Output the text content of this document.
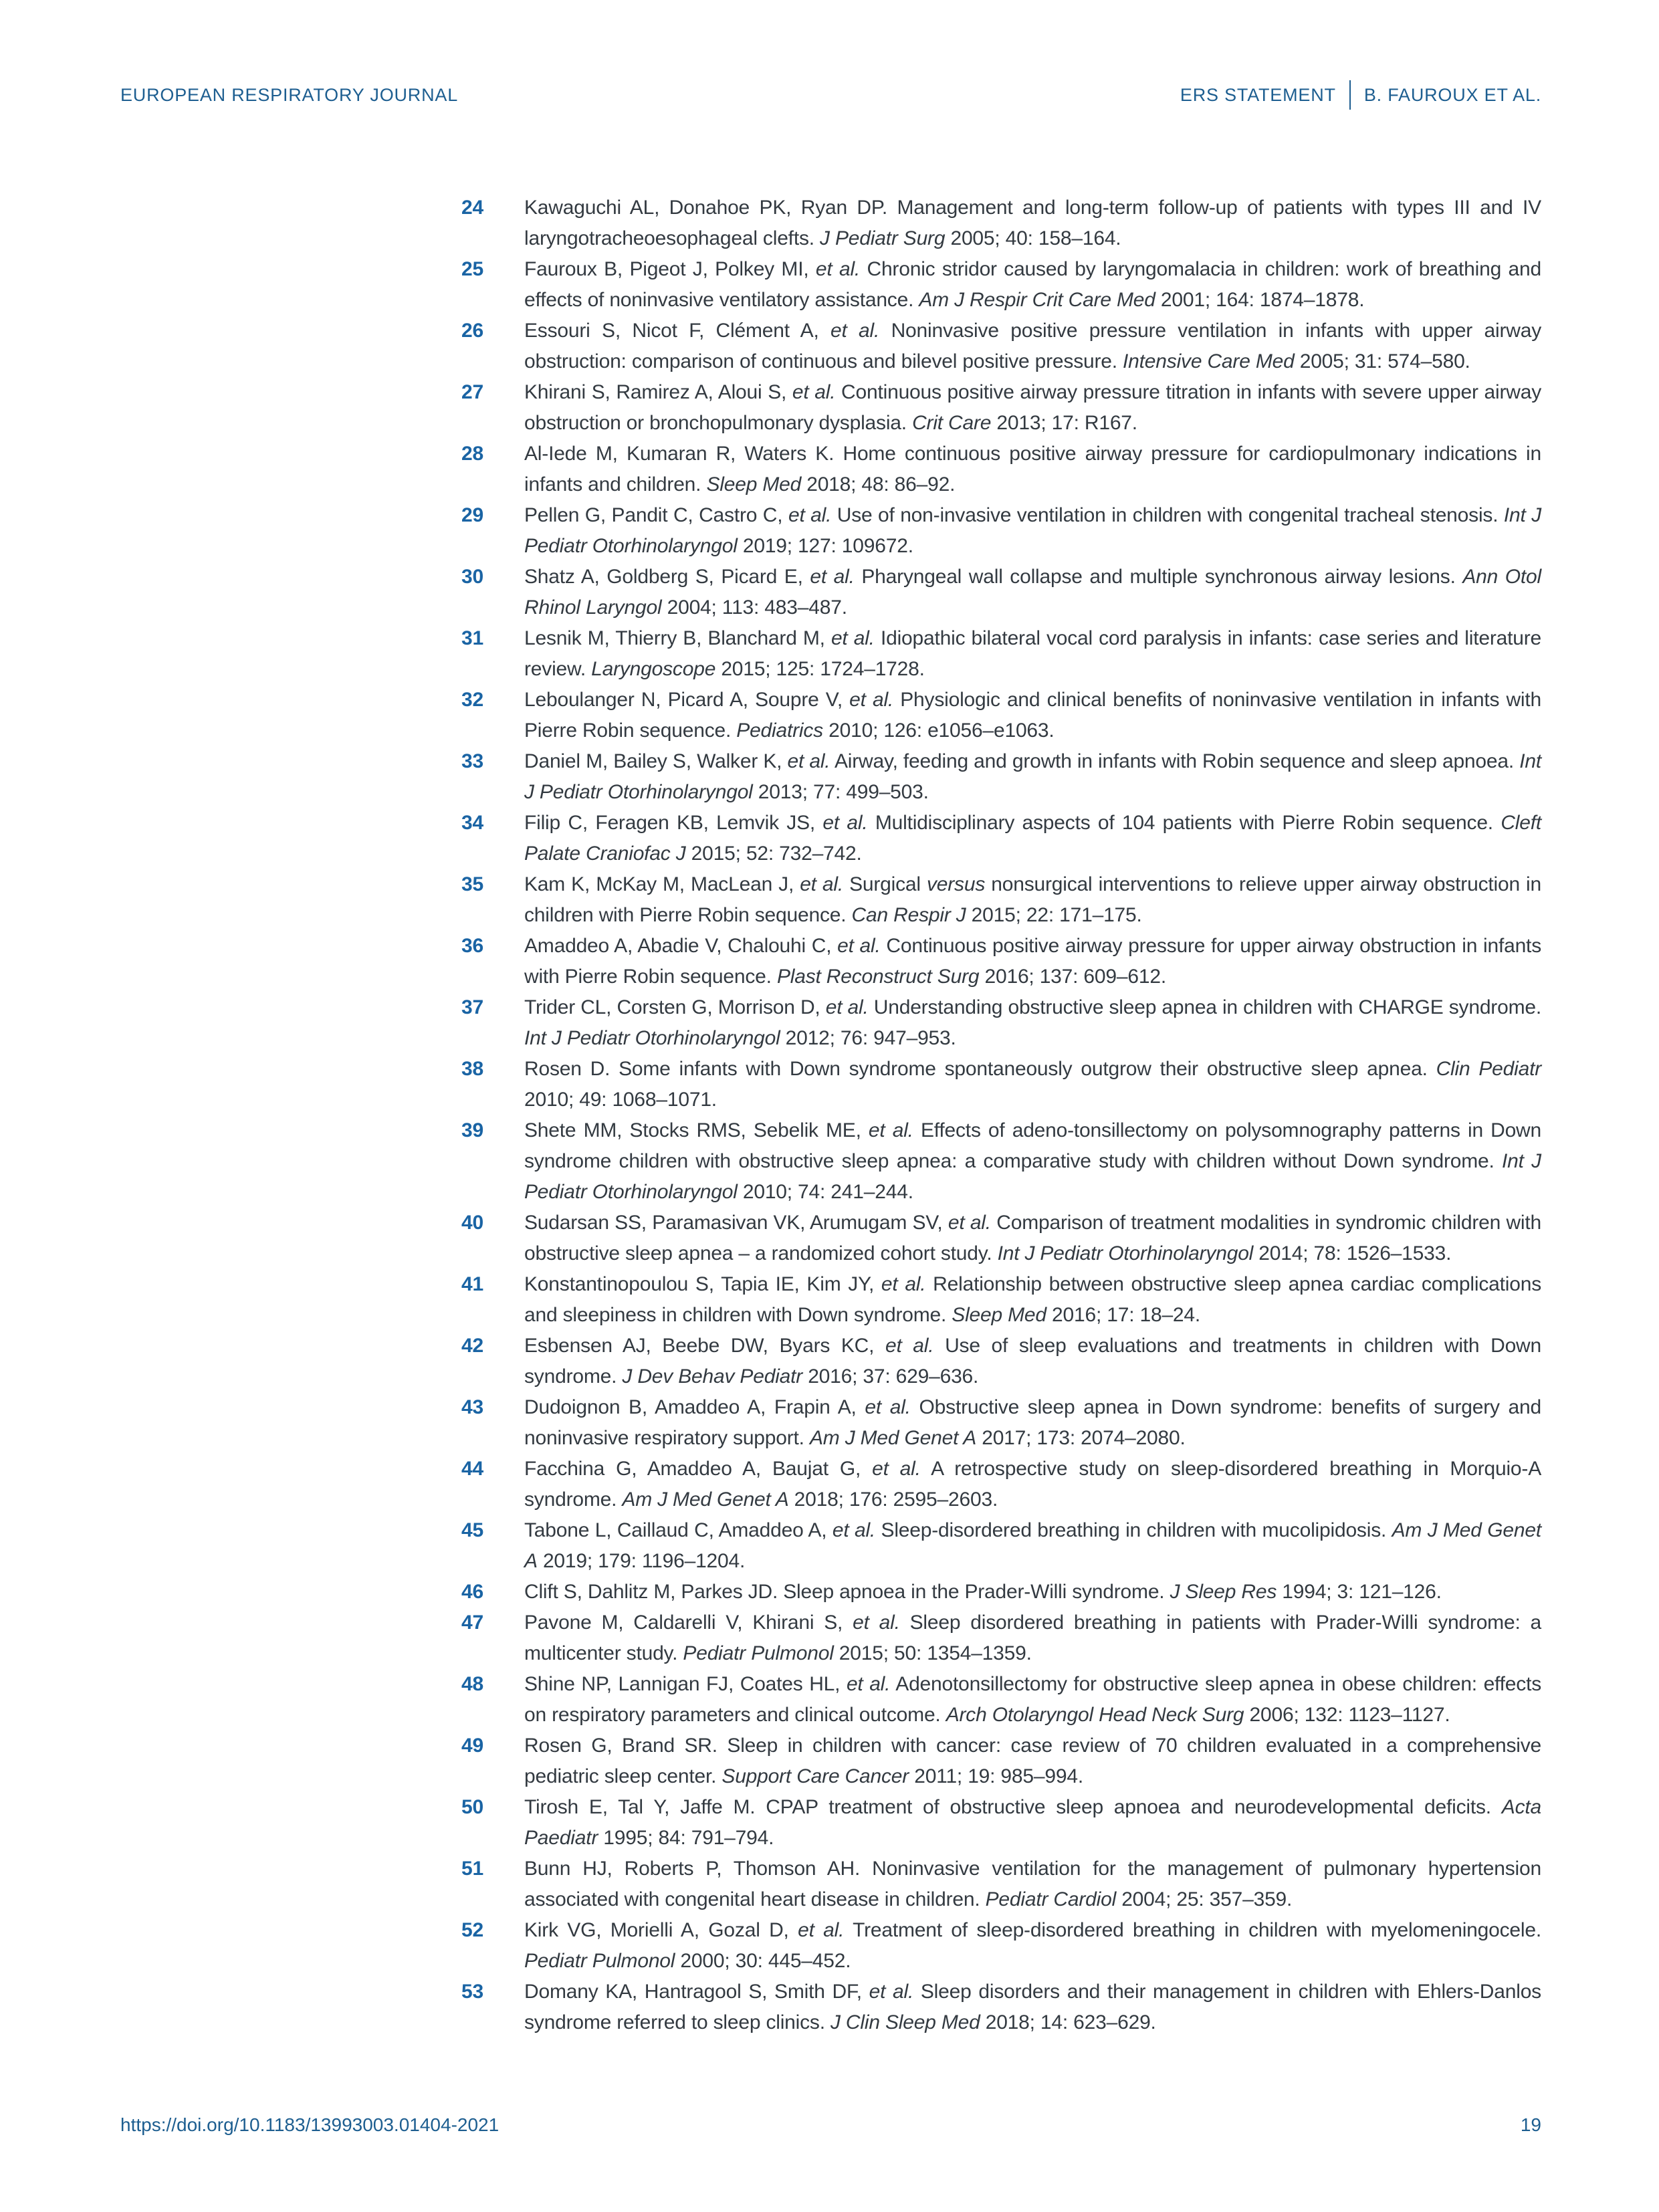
EUROPEAN RESPIRATORY JOURNAL	ERS STATEMENT B. FAUROUX ET AL.
24	Kawaguchi AL, Donahoe PK, Ryan DP. Management and long-term follow-up of patients with types III and IV laryngotracheoesophageal clefts. J Pediatr Surg 2005; 40: 158–164.

25	Fauroux B, Pigeot J, Polkey MI, et al. Chronic stridor caused by laryngomalacia in children: work of breathing and effects of noninvasive ventilatory assistance. Am J Respir Crit Care Med 2001; 164: 1874–1878.

26	Essouri S, Nicot F, Clément A, et al. Noninvasive positive pressure ventilation in infants with upper airway obstruction: comparison of continuous and bilevel positive pressure. Intensive Care Med 2005; 31: 574–580.

27	Khirani S, Ramirez A, Aloui S, et al. Continuous positive airway pressure titration in infants with severe upper airway obstruction or bronchopulmonary dysplasia. Crit Care 2013; 17: R167.

28	Al-Iede M, Kumaran R, Waters K. Home continuous positive airway pressure for cardiopulmonary indications in infants and children. Sleep Med 2018; 48: 86–92.

29	Pellen G, Pandit C, Castro C, et al. Use of non-invasive ventilation in children with congenital tracheal stenosis. Int J Pediatr Otorhinolaryngol 2019; 127: 109672.

30	Shatz A, Goldberg S, Picard E, et al. Pharyngeal wall collapse and multiple synchronous airway lesions. Ann Otol Rhinol Laryngol 2004; 113: 483–487.

31	Lesnik M, Thierry B, Blanchard M, et al. Idiopathic bilateral vocal cord paralysis in infants: case series and literature review. Laryngoscope 2015; 125: 1724–1728.

32	Leboulanger N, Picard A, Soupre V, et al. Physiologic and clinical benefits of noninvasive ventilation in infants with Pierre Robin sequence. Pediatrics 2010; 126: e1056–e1063.

33	Daniel M, Bailey S, Walker K, et al. Airway, feeding and growth in infants with Robin sequence and sleep apnoea. Int J Pediatr Otorhinolaryngol 2013; 77: 499–503.

34	Filip C, Feragen KB, Lemvik JS, et al. Multidisciplinary aspects of 104 patients with Pierre Robin sequence. Cleft Palate Craniofac J 2015; 52: 732–742.

35	Kam K, McKay M, MacLean J, et al. Surgical versus nonsurgical interventions to relieve upper airway obstruction in children with Pierre Robin sequence. Can Respir J 2015; 22: 171–175.

36	Amaddeo A, Abadie V, Chalouhi C, et al. Continuous positive airway pressure for upper airway obstruction in infants with Pierre Robin sequence. Plast Reconstruct Surg 2016; 137: 609–612.

37	Trider CL, Corsten G, Morrison D, et al. Understanding obstructive sleep apnea in children with CHARGE syndrome. Int J Pediatr Otorhinolaryngol 2012; 76: 947–953.

38	Rosen D. Some infants with Down syndrome spontaneously outgrow their obstructive sleep apnea. Clin Pediatr 2010; 49: 1068–1071.

39	Shete MM, Stocks RMS, Sebelik ME, et al. Effects of adeno-tonsillectomy on polysomnography patterns in Down syndrome children with obstructive sleep apnea: a comparative study with children without Down syndrome. Int J Pediatr Otorhinolaryngol 2010; 74: 241–244.

40	Sudarsan SS, Paramasivan VK, Arumugam SV, et al. Comparison of treatment modalities in syndromic children with obstructive sleep apnea – a randomized cohort study. Int J Pediatr Otorhinolaryngol 2014; 78: 1526–1533.

41	Konstantinopoulou S, Tapia IE, Kim JY, et al. Relationship between obstructive sleep apnea cardiac complications and sleepiness in children with Down syndrome. Sleep Med 2016; 17: 18–24.

42	Esbensen AJ, Beebe DW, Byars KC, et al. Use of sleep evaluations and treatments in children with Down syndrome. J Dev Behav Pediatr 2016; 37: 629–636.

43	Dudoignon B, Amaddeo A, Frapin A, et al. Obstructive sleep apnea in Down syndrome: benefits of surgery and noninvasive respiratory support. Am J Med Genet A 2017; 173: 2074–2080.

44	Facchina G, Amaddeo A, Baujat G, et al. A retrospective study on sleep-disordered breathing in Morquio-A syndrome. Am J Med Genet A 2018; 176: 2595–2603.

45	Tabone L, Caillaud C, Amaddeo A, et al. Sleep-disordered breathing in children with mucolipidosis. Am J Med Genet A 2019; 179: 1196–1204.

46	Clift S, Dahlitz M, Parkes JD. Sleep apnoea in the Prader-Willi syndrome. J Sleep Res 1994; 3: 121–126.

47	Pavone M, Caldarelli V, Khirani S, et al. Sleep disordered breathing in patients with Prader-Willi syndrome: a multicenter study. Pediatr Pulmonol 2015; 50: 1354–1359.

48	Shine NP, Lannigan FJ, Coates HL, et al. Adenotonsillectomy for obstructive sleep apnea in obese children: effects on respiratory parameters and clinical outcome. Arch Otolaryngol Head Neck Surg 2006; 132: 1123–1127.

49	Rosen G, Brand SR. Sleep in children with cancer: case review of 70 children evaluated in a comprehensive pediatric sleep center. Support Care Cancer 2011; 19: 985–994.

50	Tirosh E, Tal Y, Jaffe M. CPAP treatment of obstructive sleep apnoea and neurodevelopmental deficits. Acta Paediatr 1995; 84: 791–794.

51	Bunn HJ, Roberts P, Thomson AH. Noninvasive ventilation for the management of pulmonary hypertension associated with congenital heart disease in children. Pediatr Cardiol 2004; 25: 357–359.

52	Kirk VG, Morielli A, Gozal D, et al. Treatment of sleep-disordered breathing in children with myelomeningocele. Pediatr Pulmonol 2000; 30: 445–452.

53	Domany KA, Hantragool S, Smith DF, et al. Sleep disorders and their management in children with Ehlers-Danlos syndrome referred to sleep clinics. J Clin Sleep Med 2018; 14: 623–629.

https://doi.org/10.1183/13993003.01404-2021	19
